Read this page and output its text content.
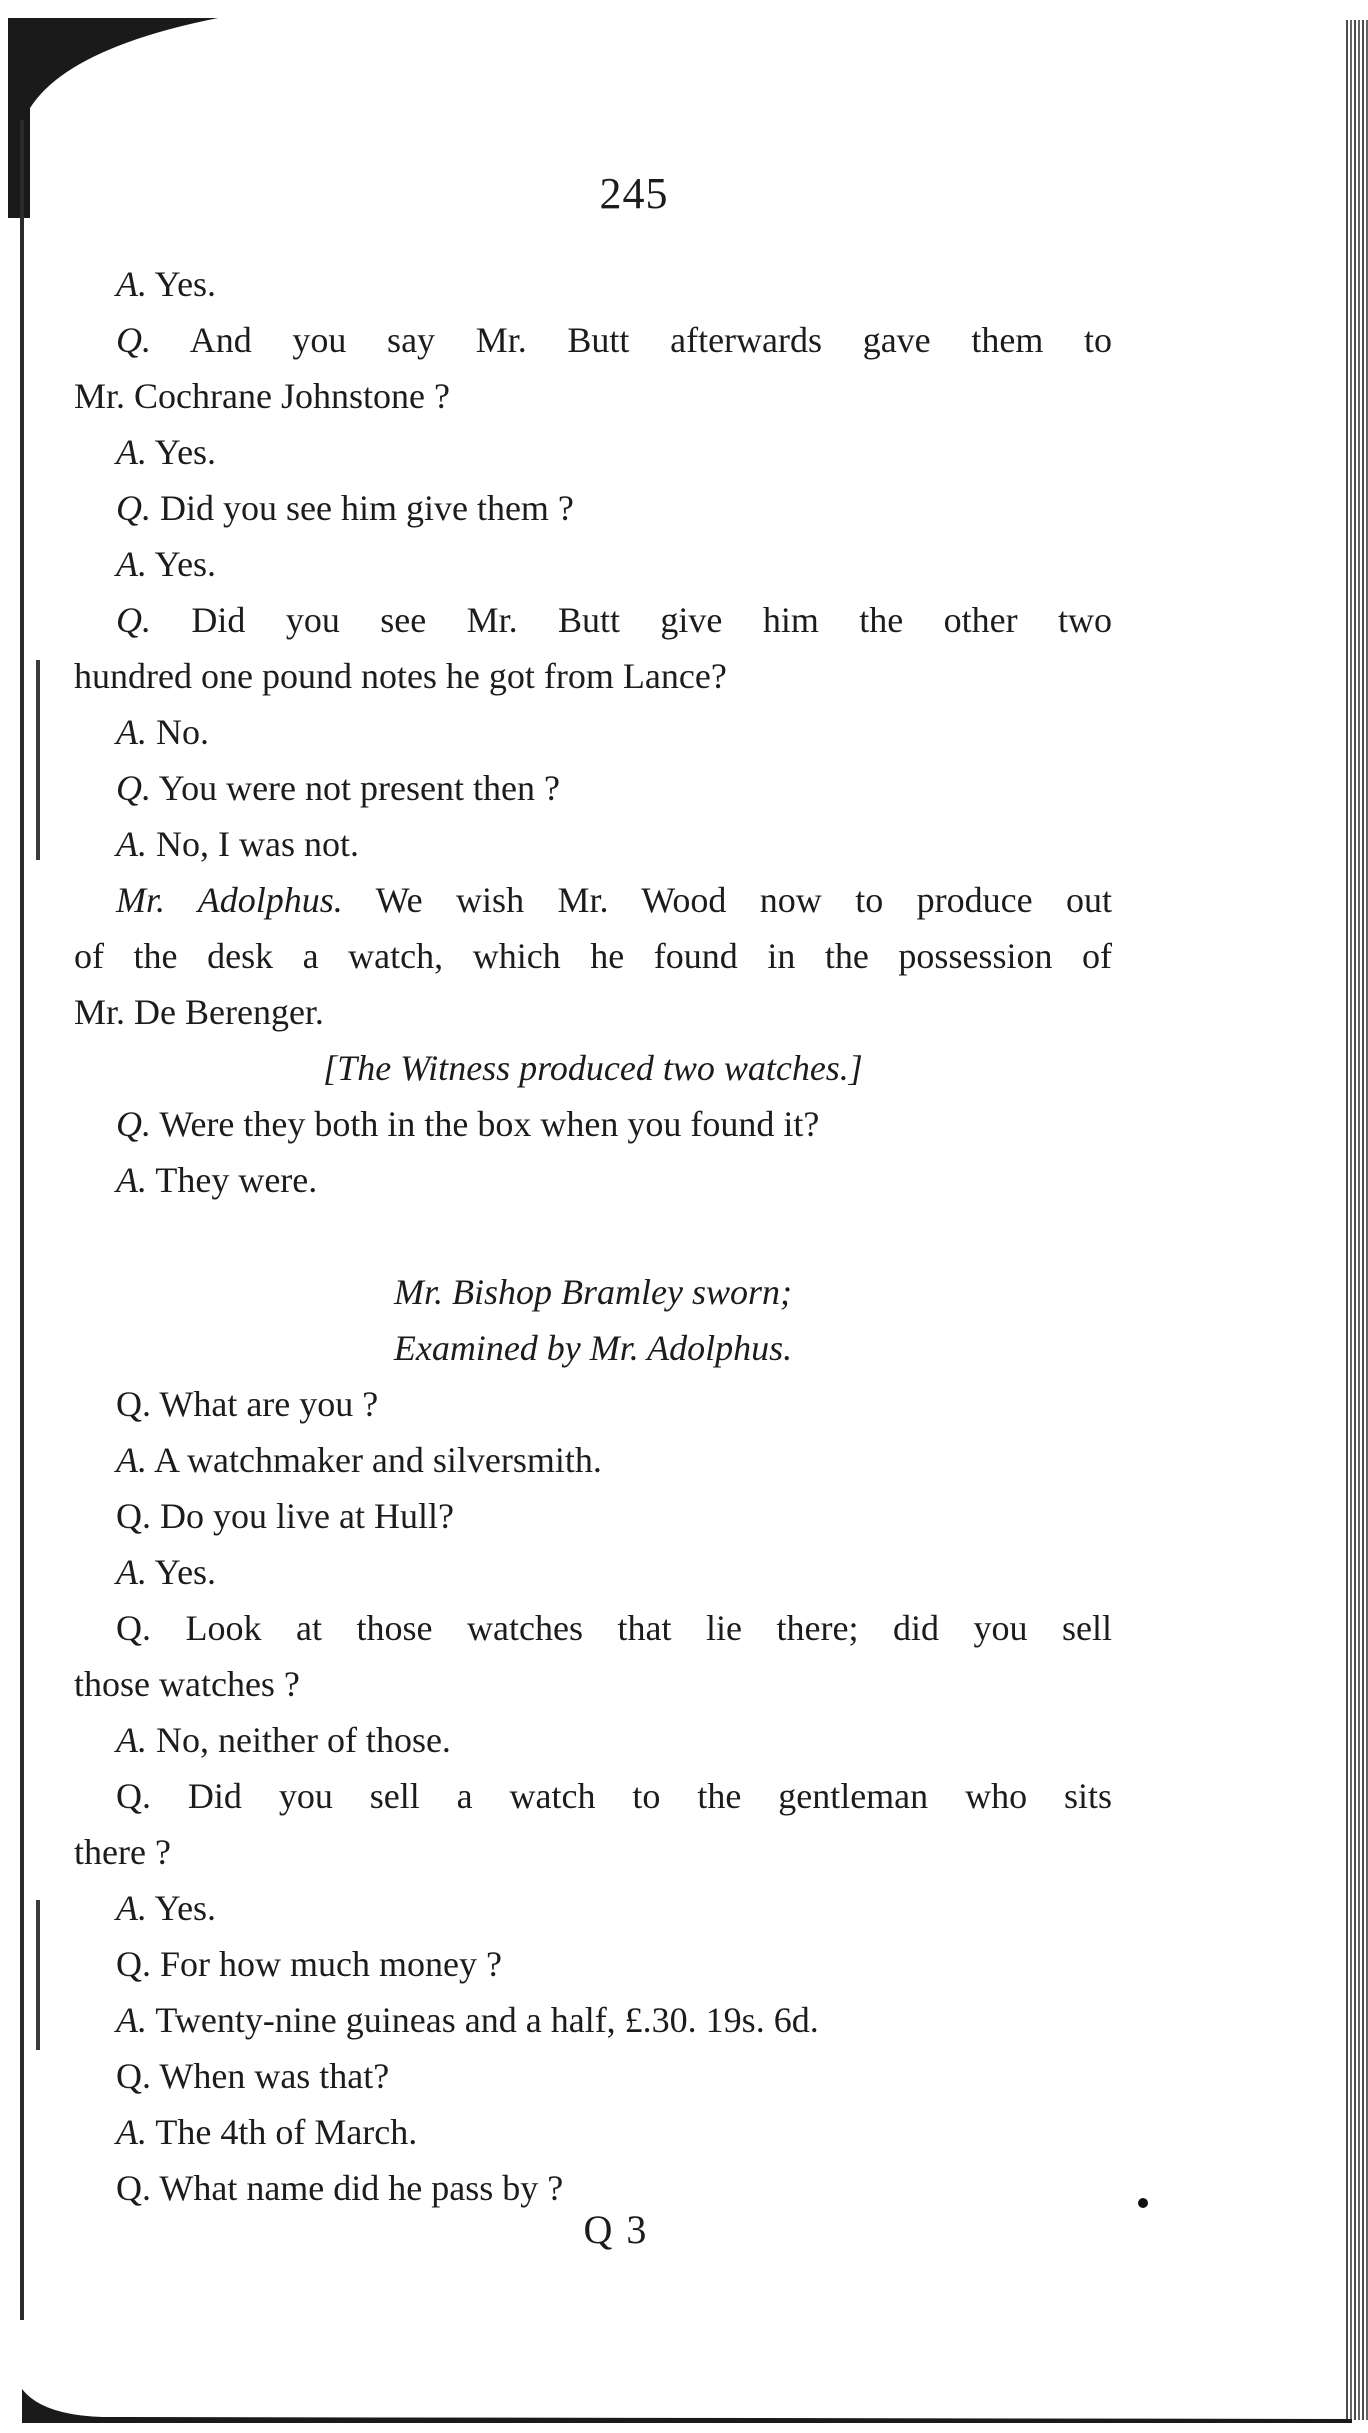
245
A. Yes.
Q. And you say Mr. Butt afterwards gave them to
Mr. Cochrane Johnstone ?
A. Yes.
Q. Did you see him give them ?
A. Yes.
Q. Did you see Mr. Butt give him the other two
hundred one pound notes he got from Lance?
A. No.
Q. You were not present then ?
A. No, I was not.
Mr. Adolphus. We wish Mr. Wood now to produce out
of the desk a watch, which he found in the possession of
Mr. De Berenger.
[The Witness produced two watches.]
Q. Were they both in the box when you found it?
A. They were.
Mr. Bishop Bramley sworn;
Examined by Mr. Adolphus.
Q. What are you ?
A. A watchmaker and silversmith.
Q. Do you live at Hull?
A. Yes.
Q. Look at those watches that lie there; did you sell
those watches ?
A. No, neither of those.
Q. Did you sell a watch to the gentleman who sits
there ?
A. Yes.
Q. For how much money ?
A. Twenty-nine guineas and a half, £.30. 19s. 6d.
Q. When was that?
A. The 4th of March.
Q. What name did he pass by ?
Q 3
